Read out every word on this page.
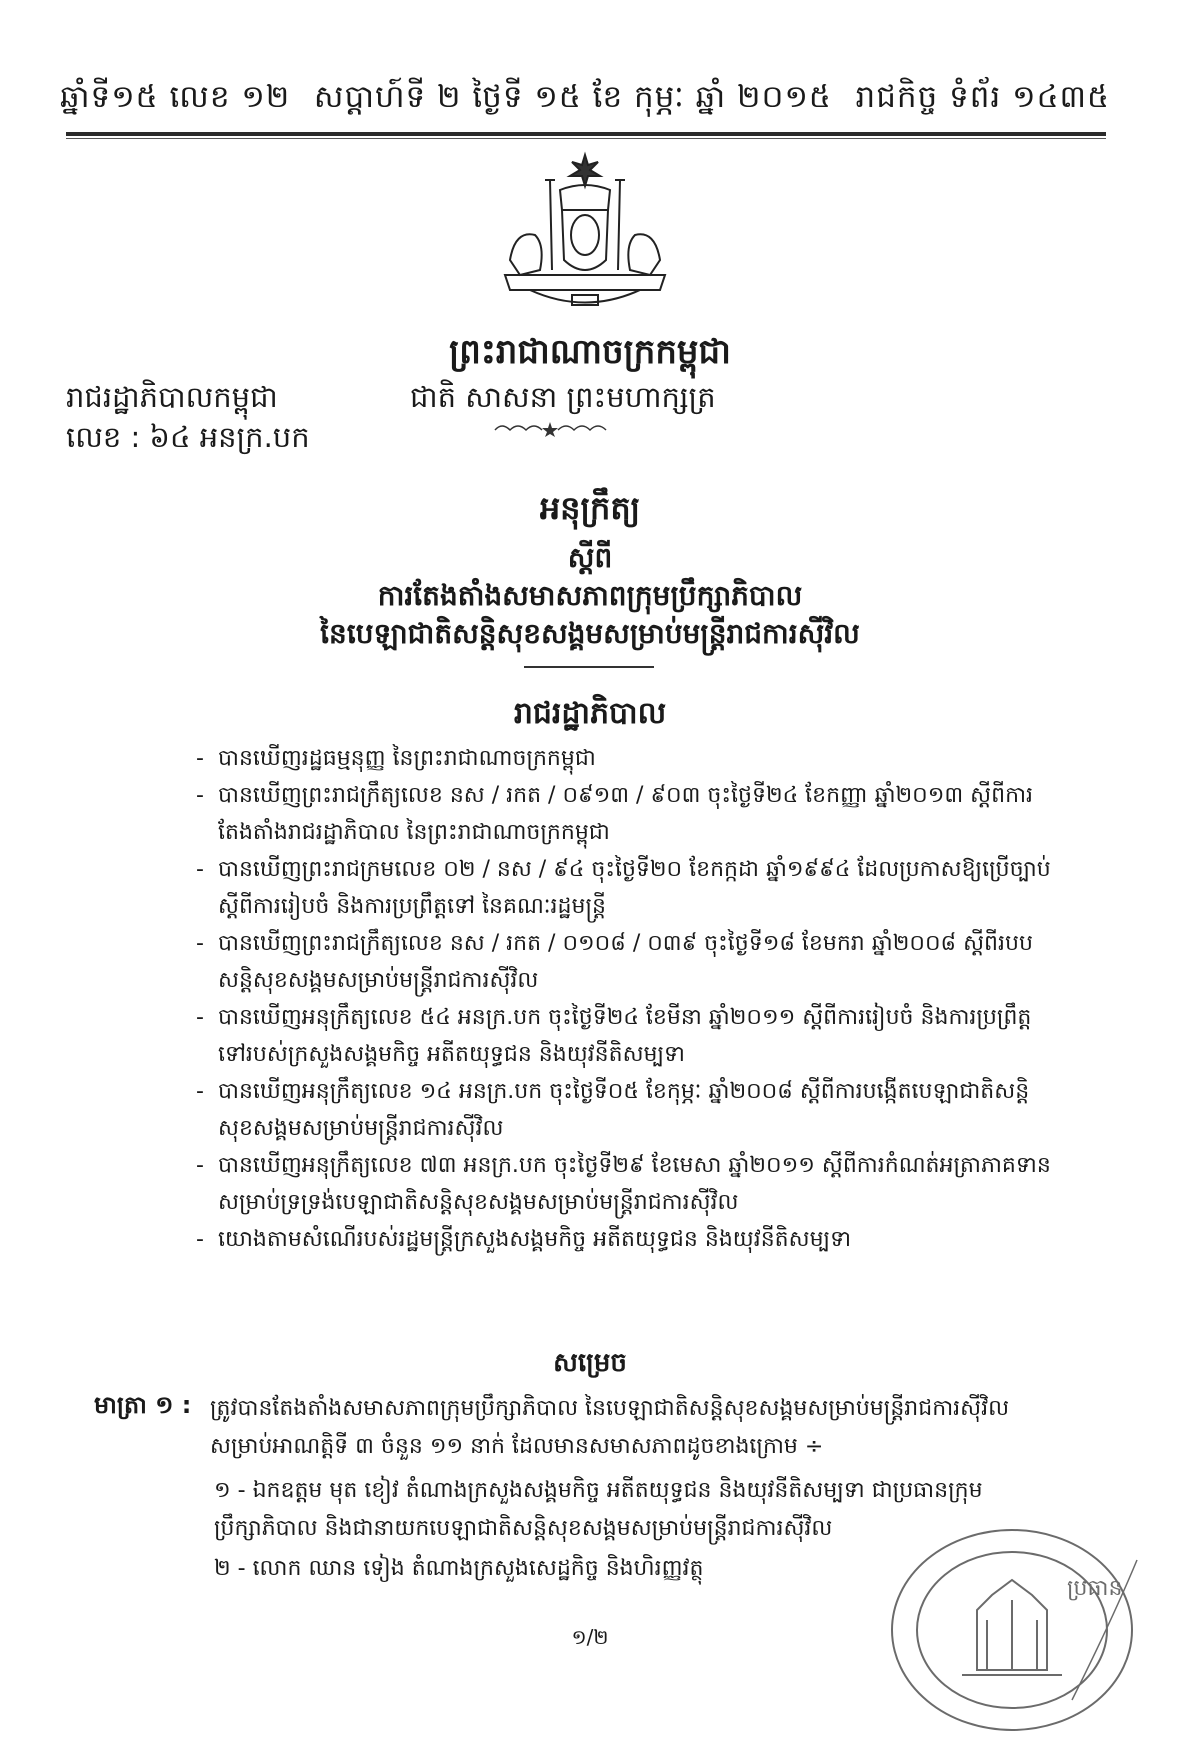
ឆ្នាំទី១៥ លេខ ១២ សប្តាហ៍ទី ២ ថ្ងៃទី ១៥ ខែ កុម្ភៈ ឆ្នាំ ២០១៥ រាជកិច្ច ទំព័រ ១៤៣៥
ព្រះរាជាណាចក្រកម្ពុជា
រាជរដ្ឋាភិបាលកម្ពុជា	ជាតិ សាសនា ព្រះមហាក្សត្រ
លេខ : ៦៤ អនក្រ.បក
អនុក្រឹត្យ
ស្តីពី
ការតែងតាំងសមាសភាពក្រុមប្រឹក្សាភិបាល
នៃបេឡាជាតិសន្តិសុខសង្គមសម្រាប់មន្ត្រីរាជការស៊ីវិល
រាជរដ្ឋាភិបាល
- បានឃើញរដ្ឋធម្មនុញ្ញ នៃព្រះរាជាណាចក្រកម្ពុជា
- បានឃើញព្រះរាជក្រឹត្យលេខ នស / រកត / ០៩១៣ / ៩០៣ ចុះថ្ងៃទី២៤ ខែកញ្ញា ឆ្នាំ២០១៣ ស្តីពីការតែងតាំងរាជរដ្ឋាភិបាល នៃព្រះរាជាណាចក្រកម្ពុជា
- បានឃើញព្រះរាជក្រមលេខ ០២ / នស / ៩៤ ចុះថ្ងៃទី២០ ខែកក្កដា ឆ្នាំ១៩៩៤ ដែលប្រកាសឱ្យប្រើច្បាប់ស្តីពីការរៀបចំ និងការប្រព្រឹត្តទៅ នៃគណៈរដ្ឋមន្ត្រី
- បានឃើញព្រះរាជក្រឹត្យលេខ នស / រកត / ០១០៨ / ០៣៩ ចុះថ្ងៃទី១៨ ខែមករា ឆ្នាំ២០០៨ ស្តីពីរបបសន្តិសុខសង្គមសម្រាប់មន្ត្រីរាជការស៊ីវិល
- បានឃើញអនុក្រឹត្យលេខ ៥៤ អនក្រ.បក ចុះថ្ងៃទី២៤ ខែមីនា ឆ្នាំ២០១១ ស្តីពីការរៀបចំ និងការប្រព្រឹត្តទៅរបស់ក្រសួងសង្គមកិច្ច អតីតយុទ្ធជន និងយុវនីតិសម្បទា
- បានឃើញអនុក្រឹត្យលេខ ១៤ អនក្រ.បក ចុះថ្ងៃទី០៥ ខែកុម្ភៈ ឆ្នាំ២០០៨ ស្តីពីការបង្កើតបេឡាជាតិសន្តិសុខសង្គមសម្រាប់មន្ត្រីរាជការស៊ីវិល
- បានឃើញអនុក្រឹត្យលេខ ៧៣ អនក្រ.បក ចុះថ្ងៃទី២៩ ខែមេសា ឆ្នាំ២០១១ ស្តីពីការកំណត់អត្រាភាគទានសម្រាប់ទ្រទ្រង់បេឡាជាតិសន្តិសុខសង្គមសម្រាប់មន្ត្រីរាជការស៊ីវិល
- យោងតាមសំណើរបស់រដ្ឋមន្ត្រីក្រសួងសង្គមកិច្ច អតីតយុទ្ធជន និងយុវនីតិសម្បទា
សម្រេច
មាត្រា ១ : ត្រូវបានតែងតាំងសមាសភាពក្រុមប្រឹក្សាភិបាល នៃបេឡាជាតិសន្តិសុខសង្គមសម្រាប់មន្ត្រីរាជការស៊ីវិល សម្រាប់អាណត្តិទី ៣ ចំនួន ១១ នាក់ ដែលមានសមាសភាពដូចខាងក្រោម ÷
១ - ឯកឧត្តម មុត ខៀវ តំណាងក្រសួងសង្គមកិច្ច អតីតយុទ្ធជន និងយុវនីតិសម្បទា ជាប្រធានក្រុមប្រឹក្សាភិបាល និងជានាយកបេឡាជាតិសន្តិសុខសង្គមសម្រាប់មន្ត្រីរាជការស៊ីវិល
២ - លោក ឈាន ទៀង តំណាងក្រសួងសេដ្ឋកិច្ច និងហិរញ្ញវត្ថុ
១/២
ប្រធាន
